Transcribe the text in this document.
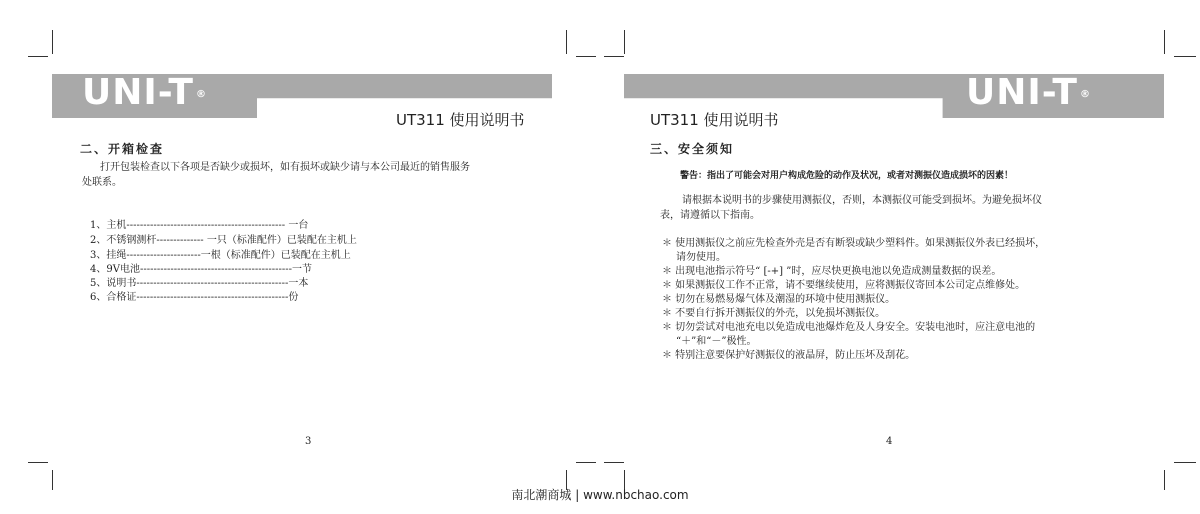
UNI-T ®
UT311 使用说明书
二、开箱检查
打开包装检查以下各项是否缺少或损坏，如有损坏或缺少请与本公司最近的销售服务
处联系。
1、主机----------------------------------------------- 一台
2、不锈钢测杆-------------- 一只（标准配件）已装配在主机上
3、挂绳----------------------一根（标准配件）已装配在主机上
4、9V电池---------------------------------------------一节
5、说明书---------------------------------------------一本
6、合格证---------------------------------------------份
3
UNI-T ®
UT311 使用说明书
三、安全须知
警告：指出了可能会对用户构成危险的动作及状况，或者对测振仪造成损坏的因素！
请根据本说明书的步骤使用测振仪，否则，本测振仪可能受到损坏。为避免损坏仪
表，请遵循以下指南。
＊ 使用测振仪之前应先检查外壳是否有断裂或缺少塑料件。如果测振仪外表已经损坏，
请勿使用。
＊ 出现电池指示符号“ [-+] ”时，应尽快更换电池以免造成测量数据的误差。
＊ 如果测振仪工作不正常，请不要继续使用，应将测振仪寄回本公司定点维修处。
＊ 切勿在易燃易爆气体及潮湿的环境中使用测振仪。
＊ 不要自行拆开测振仪的外壳，以免损坏测振仪。
＊ 切勿尝试对电池充电以免造成电池爆炸危及人身安全。安装电池时，应注意电池的
“＋”和“－”极性。
＊ 特别注意要保护好测振仪的液晶屏，防止压坏及刮花。
4
南北潮商城 | www.nbchao.com
